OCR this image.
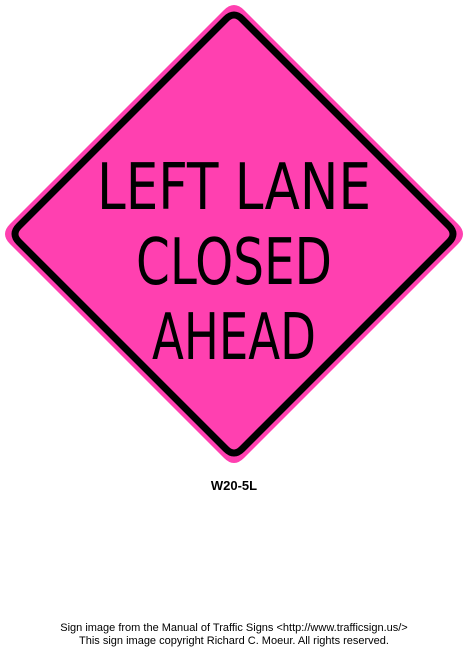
LEFT LANE
CLOSED
AHEAD
W20-5L
Sign image from the Manual of Traffic Signs <http://www.trafficsign.us/>
This sign image copyright Richard C. Moeur. All rights reserved.
